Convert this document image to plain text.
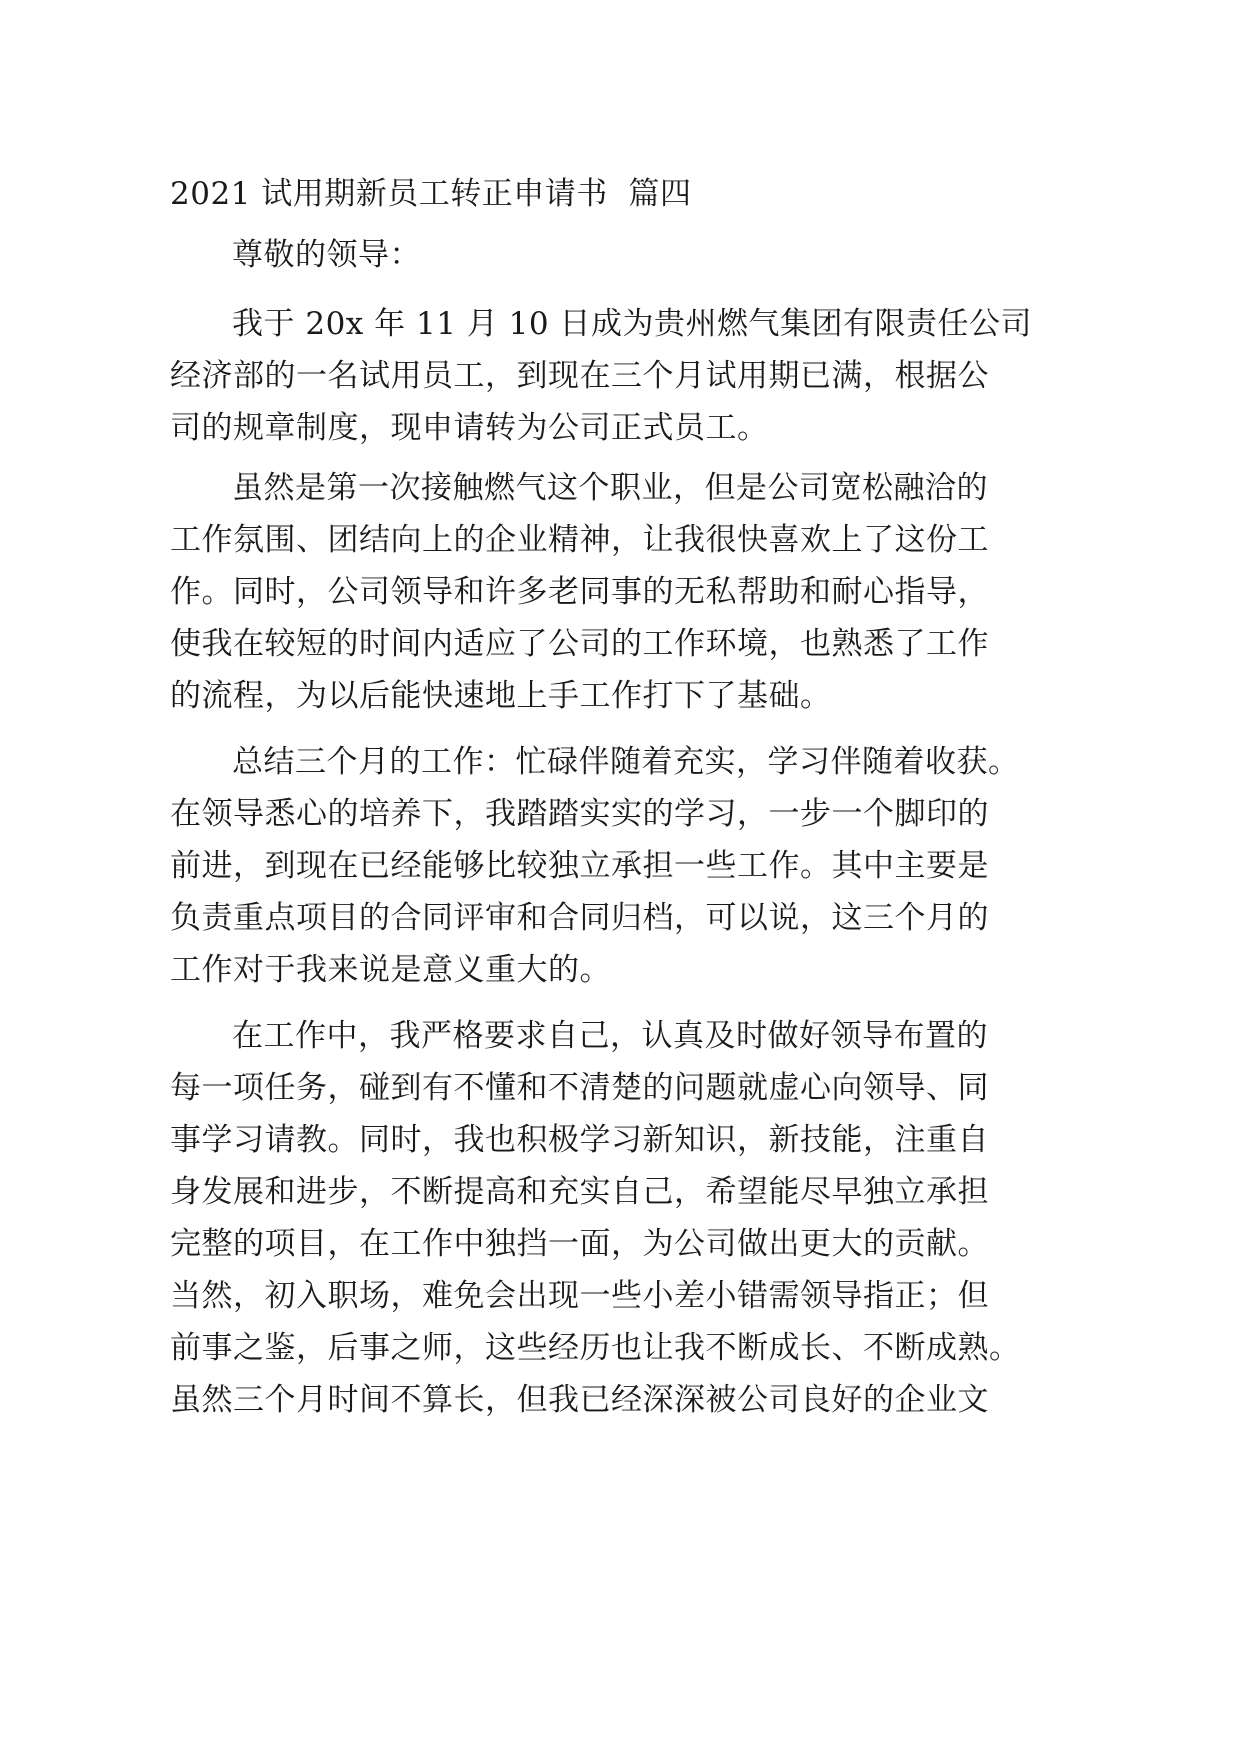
2021 试用期新员工转正申请书  篇四
尊敬的领导：
我于 20x 年 11 月 10 日成为贵州燃气集团有限责任公司
经济部的一名试用员工，到现在三个月试用期已满，根据公
司的规章制度，现申请转为公司正式员工。
虽然是第一次接触燃气这个职业，但是公司宽松融洽的
工作氛围、团结向上的企业精神，让我很快喜欢上了这份工
作。同时，公司领导和许多老同事的无私帮助和耐心指导，
使我在较短的时间内适应了公司的工作环境，也熟悉了工作
的流程，为以后能快速地上手工作打下了基础。
总结三个月的工作：忙碌伴随着充实，学习伴随着收获。
在领导悉心的培养下，我踏踏实实的学习，一步一个脚印的
前进，到现在已经能够比较独立承担一些工作。其中主要是
负责重点项目的合同评审和合同归档，可以说，这三个月的
工作对于我来说是意义重大的。
在工作中，我严格要求自己，认真及时做好领导布置的
每一项任务，碰到有不懂和不清楚的问题就虚心向领导、同
事学习请教。同时，我也积极学习新知识，新技能，注重自
身发展和进步，不断提高和充实自己，希望能尽早独立承担
完整的项目，在工作中独挡一面，为公司做出更大的贡献。
当然，初入职场，难免会出现一些小差小错需领导指正；但
前事之鉴，后事之师，这些经历也让我不断成长、不断成熟。
虽然三个月时间不算长，但我已经深深被公司良好的企业文
